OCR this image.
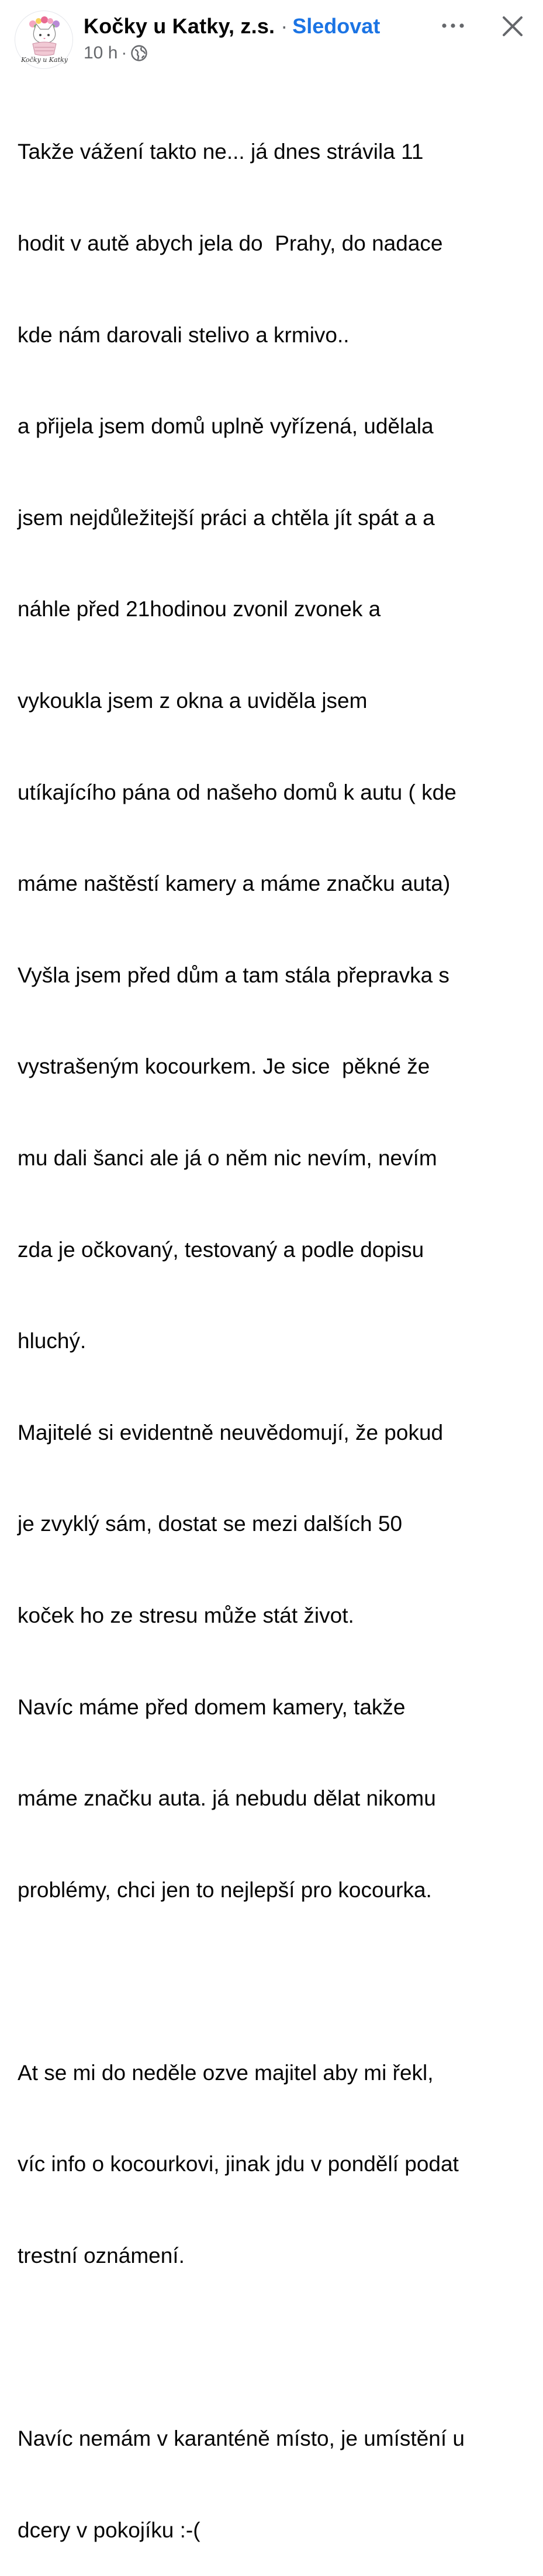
Kočky u Katky
Kočky u Katky, z.s. · Sledovat
10 h ·

Takže vážení takto ne... já dnes strávila 11

hodit v autě abych jela do  Prahy, do nadace

kde nám darovali stelivo a krmivo..

a přijela jsem domů uplně vyřízená, udělala

jsem nejdůležitejší práci a chtěla jít spát a a

náhle před 21hodinou zvonil zvonek a

vykoukla jsem z okna a uviděla jsem

utíkajícího pána od našeho domů k autu ( kde

máme naštěstí kamery a máme značku auta)

Vyšla jsem před dům a tam stála přepravka s

vystrašeným kocourkem. Je sice  pěkné že

mu dali šanci ale já o něm nic nevím, nevím

zda je očkovaný, testovaný a podle dopisu

hluchý.

Majitelé si evidentně neuvědomují, že pokud

je zvyklý sám, dostat se mezi dalších 50

koček ho ze stresu může stát život.

Navíc máme před domem kamery, takže

máme značku auta. já nebudu dělat nikomu

problémy, chci jen to nejlepší pro kocourka.

At se mi do neděle ozve majitel aby mi řekl,

víc info o kocourkovi, jinak jdu v pondělí podat

trestní oznámení.

Navíc nemám v karanténě místo, je umístění u

dcery v pokojíku :-(
